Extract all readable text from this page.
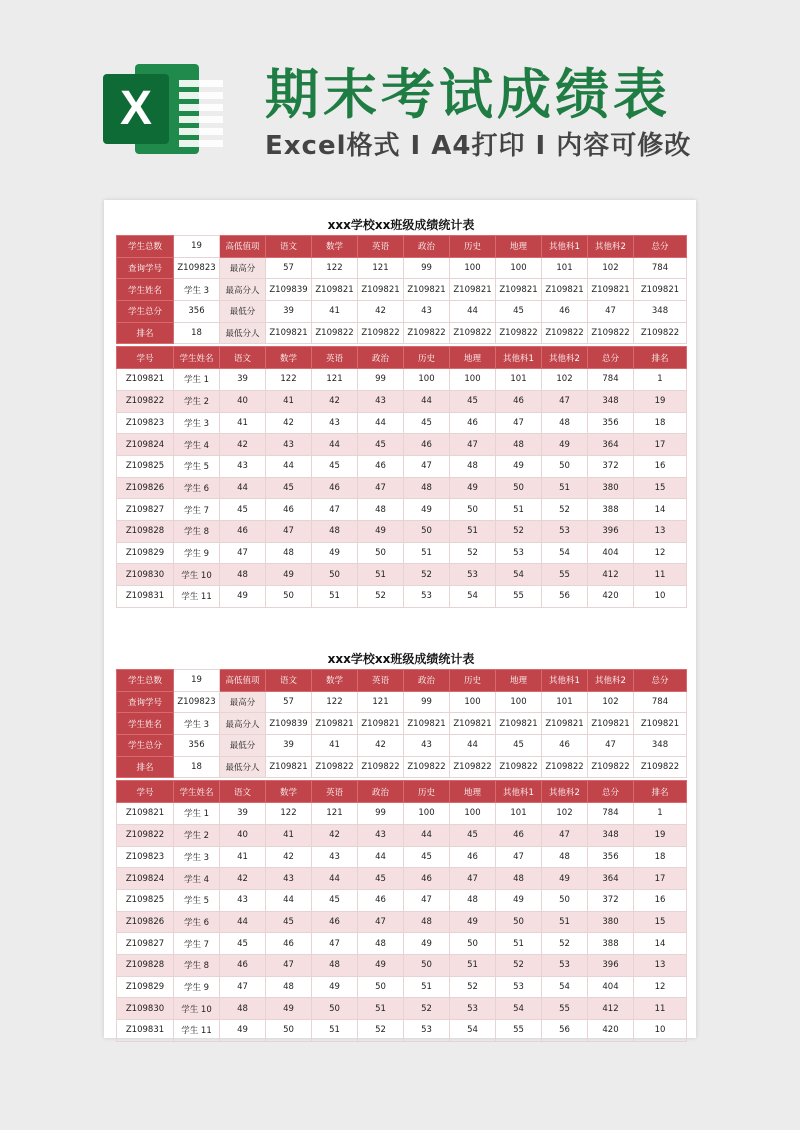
X	期末考试成绩表
Excel格式 I A4打印 I 内容可修改
xxx学校xx班级成绩统计表
学生总数	19	高低值项	语文	数学	英语	政治	历史	地理	其他科1	其他科2	总分
查询学号	Z109823	最高分	57	122	121	99	100	100	101	102	784
学生姓名	学生 3	最高分人	Z109839	Z109821	Z109821	Z109821	Z109821	Z109821	Z109821	Z109821	Z109821
学生总分	356	最低分	39	41	42	43	44	45	46	47	348
排名	18	最低分人	Z109821	Z109822	Z109822	Z109822	Z109822	Z109822	Z109822	Z109822	Z109822
学号	学生姓名	语文	数学	英语	政治	历史	地理	其他科1	其他科2	总分	排名
Z109821	学生 1	39	122	121	99	100	100	101	102	784	1
Z109822	学生 2	40	41	42	43	44	45	46	47	348	19
Z109823	学生 3	41	42	43	44	45	46	47	48	356	18
Z109824	学生 4	42	43	44	45	46	47	48	49	364	17
Z109825	学生 5	43	44	45	46	47	48	49	50	372	16
Z109826	学生 6	44	45	46	47	48	49	50	51	380	15
Z109827	学生 7	45	46	47	48	49	50	51	52	388	14
Z109828	学生 8	46	47	48	49	50	51	52	53	396	13
Z109829	学生 9	47	48	49	50	51	52	53	54	404	12
Z109830	学生 10	48	49	50	51	52	53	54	55	412	11
Z109831	学生 11	49	50	51	52	53	54	55	56	420	10
xxx学校xx班级成绩统计表
学生总数	19	高低值项	语文	数学	英语	政治	历史	地理	其他科1	其他科2	总分
查询学号	Z109823	最高分	57	122	121	99	100	100	101	102	784
学生姓名	学生 3	最高分人	Z109839	Z109821	Z109821	Z109821	Z109821	Z109821	Z109821	Z109821	Z109821
学生总分	356	最低分	39	41	42	43	44	45	46	47	348
排名	18	最低分人	Z109821	Z109822	Z109822	Z109822	Z109822	Z109822	Z109822	Z109822	Z109822
学号	学生姓名	语文	数学	英语	政治	历史	地理	其他科1	其他科2	总分	排名
Z109821	学生 1	39	122	121	99	100	100	101	102	784	1
Z109822	学生 2	40	41	42	43	44	45	46	47	348	19
Z109823	学生 3	41	42	43	44	45	46	47	48	356	18
Z109824	学生 4	42	43	44	45	46	47	48	49	364	17
Z109825	学生 5	43	44	45	46	47	48	49	50	372	16
Z109826	学生 6	44	45	46	47	48	49	50	51	380	15
Z109827	学生 7	45	46	47	48	49	50	51	52	388	14
Z109828	学生 8	46	47	48	49	50	51	52	53	396	13
Z109829	学生 9	47	48	49	50	51	52	53	54	404	12
Z109830	学生 10	48	49	50	51	52	53	54	55	412	11
Z109831	学生 11	49	50	51	52	53	54	55	56	420	10
